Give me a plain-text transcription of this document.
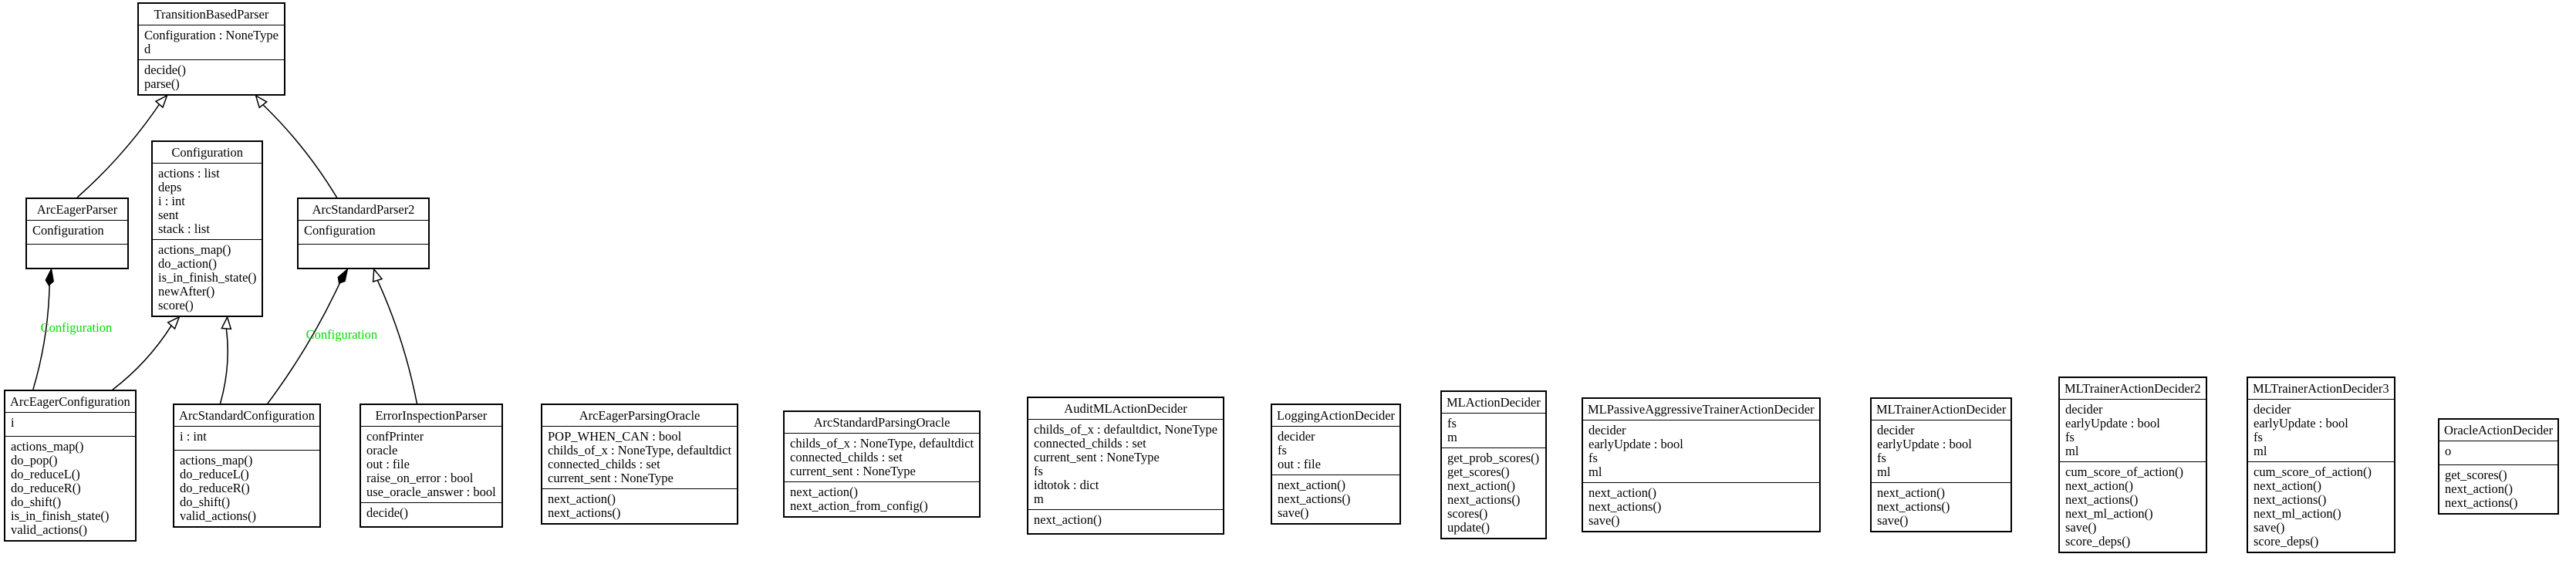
TransitionBasedParser
Configuration : NoneType
d
decide()
parse()
ArcEagerParser
Configuration
Configuration
actions : list
deps
i : int
sent
stack : list
actions_map()
do_action()
is_in_finish_state()
newAfter()
score()
ArcStandardParser2
Configuration
ArcEagerConfiguration
i
actions_map()
do_pop()
do_reduceL()
do_reduceR()
do_shift()
is_in_finish_state()
valid_actions()
ArcStandardConfiguration
i : int
actions_map()
do_reduceL()
do_reduceR()
do_shift()
valid_actions()
ErrorInspectionParser
confPrinter
oracle
out : file
raise_on_error : bool
use_oracle_answer : bool
decide()
ArcEagerParsingOracle
POP_WHEN_CAN : bool
childs_of_x : NoneType, defaultdict
connected_childs : set
current_sent : NoneType
next_action()
next_actions()
ArcStandardParsingOracle
childs_of_x : NoneType, defaultdict
connected_childs : set
current_sent : NoneType
next_action()
next_action_from_config()
AuditMLActionDecider
childs_of_x : defaultdict, NoneType
connected_childs : set
current_sent : NoneType
fs
idtotok : dict
m
next_action()
LoggingActionDecider
decider
fs
out : file
next_action()
next_actions()
save()
MLActionDecider
fs
m
get_prob_scores()
get_scores()
next_action()
next_actions()
scores()
update()
MLPassiveAggressiveTrainerActionDecider
decider
earlyUpdate : bool
fs
ml
next_action()
next_actions()
save()
MLTrainerActionDecider
decider
earlyUpdate : bool
fs
ml
next_action()
next_actions()
save()
MLTrainerActionDecider2
decider
earlyUpdate : bool
fs
ml
cum_score_of_action()
next_action()
next_actions()
next_ml_action()
save()
score_deps()
MLTrainerActionDecider3
decider
earlyUpdate : bool
fs
ml
cum_score_of_action()
next_action()
next_actions()
next_ml_action()
save()
score_deps()
OracleActionDecider
o
get_scores()
next_action()
next_actions()
Configuration	Configuration
